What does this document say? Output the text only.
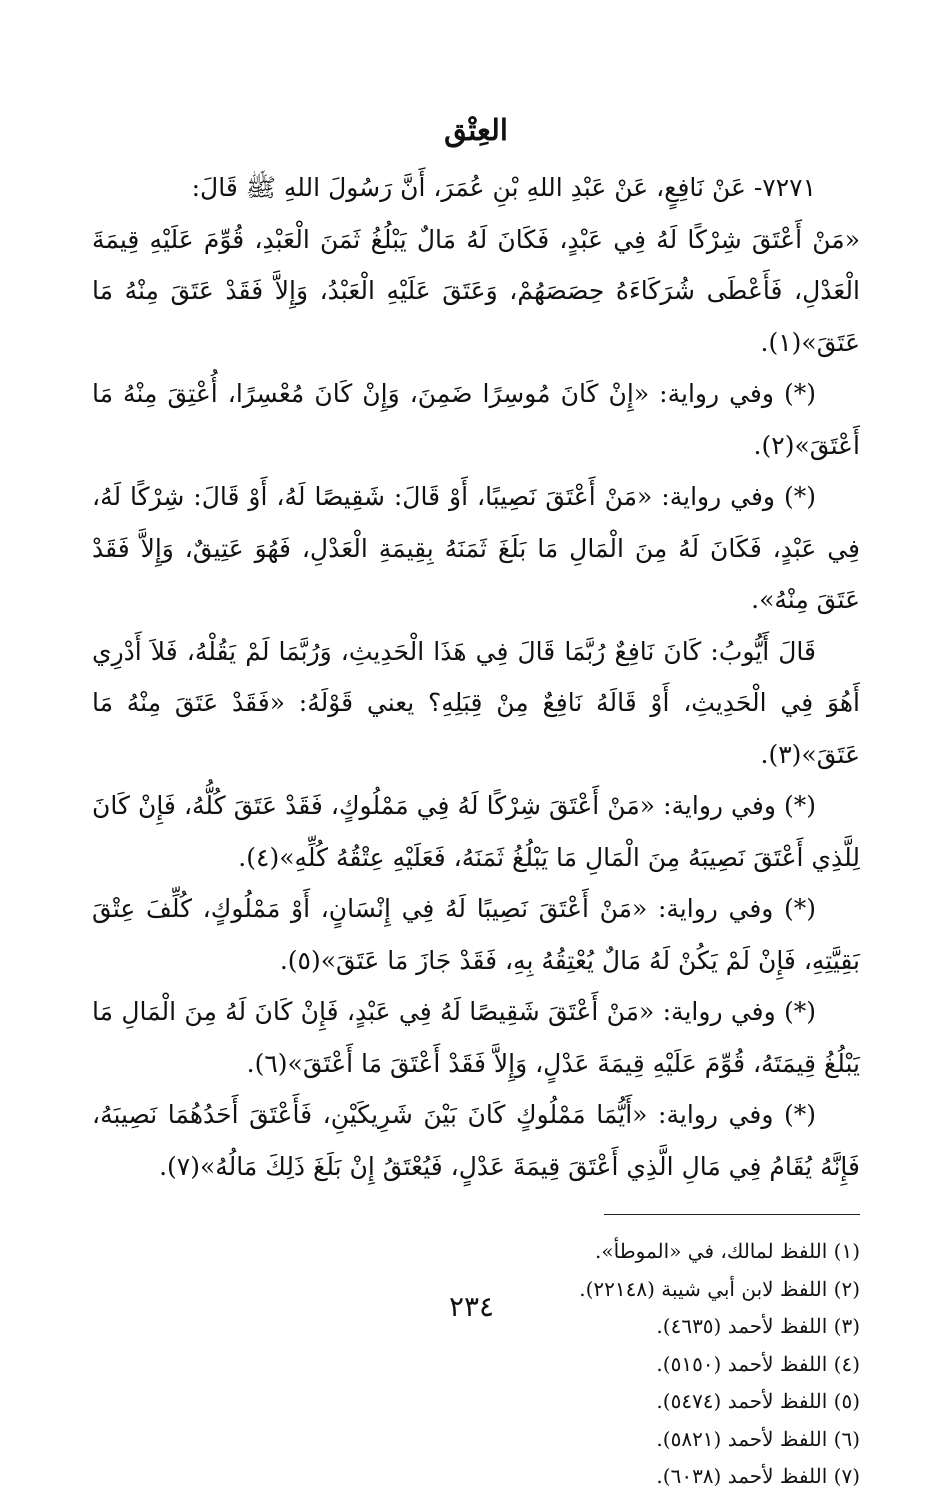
العِتْق

٧٢٧١- عَنْ نَافِعٍ، عَنْ عَبْدِ اللهِ بْنِ عُمَرَ، أَنَّ رَسُولَ اللهِ ﷺ قَالَ:

«مَنْ أَعْتَقَ شِرْكًا لَهُ فِي عَبْدٍ، فَكَانَ لَهُ مَالٌ يَبْلُغُ ثَمَنَ الْعَبْدِ، قُوِّمَ عَلَيْهِ قِيمَةَ الْعَدْلِ، فَأَعْطَى شُرَكَاءَهُ حِصَصَهُمْ، وَعَتَقَ عَلَيْهِ الْعَبْدُ، وَإِلاَّ فَقَدْ عَتَقَ مِنْهُ مَا عَتَقَ»(١).

(*) وفي رواية: «إِنْ كَانَ مُوسِرًا ضَمِنَ، وَإِنْ كَانَ مُعْسِرًا، أُعْتِقَ مِنْهُ مَا أَعْتَقَ»(٢).

(*) وفي رواية: «مَنْ أَعْتَقَ نَصِيبًا، أَوْ قَالَ: شَقِيصًا لَهُ، أَوْ قَالَ: شِرْكًا لَهُ، فِي عَبْدٍ، فَكَانَ لَهُ مِنَ الْمَالِ مَا بَلَغَ ثَمَنَهُ بِقِيمَةِ الْعَدْلِ، فَهُوَ عَتِيقٌ، وَإِلاَّ فَقَدْ عَتَقَ مِنْهُ».

قَالَ أَيُّوبُ: كَانَ نَافِعٌ رُبَّمَا قَالَ فِي هَذَا الْحَدِيثِ، وَرُبَّمَا لَمْ يَقُلْهُ، فَلاَ أَدْرِي أَهُوَ فِي الْحَدِيثِ، أَوْ قَالَهُ نَافِعٌ مِنْ قِبَلِهِ؟ يعني قَوْلَهُ: «فَقَدْ عَتَقَ مِنْهُ مَا عَتَقَ»(٣).

(*) وفي رواية: «مَنْ أَعْتَقَ شِرْكًا لَهُ فِي مَمْلُوكٍ، فَقَدْ عَتَقَ كُلُّهُ، فَإِنْ كَانَ لِلَّذِي أَعْتَقَ نَصِيبَهُ مِنَ الْمَالِ مَا يَبْلُغُ ثَمَنَهُ، فَعَلَيْهِ عِتْقُهُ كُلِّهِ»(٤).

(*) وفي رواية: «مَنْ أَعْتَقَ نَصِيبًا لَهُ فِي إِنْسَانٍ، أَوْ مَمْلُوكٍ، كُلِّفَ عِتْقَ بَقِيَّتِهِ، فَإِنْ لَمْ يَكُنْ لَهُ مَالٌ يُعْتِقُهُ بِهِ، فَقَدْ جَازَ مَا عَتَقَ»(٥).

(*) وفي رواية: «مَنْ أَعْتَقَ شَقِيصًا لَهُ فِي عَبْدٍ، فَإِنْ كَانَ لَهُ مِنَ الْمَالِ مَا يَبْلُغُ قِيمَتَهُ، قُوِّمَ عَلَيْهِ قِيمَةَ عَدْلٍ، وَإِلاَّ فَقَدْ أَعْتَقَ مَا أَعْتَقَ»(٦).

(*) وفي رواية: «أَيُّمَا مَمْلُوكٍ كَانَ بَيْنَ شَرِيكَيْنِ، فَأَعْتَقَ أَحَدُهُمَا نَصِيبَهُ، فَإِنَّهُ يُقَامُ فِي مَالِ الَّذِي أَعْتَقَ قِيمَةَ عَدْلٍ، فَيُعْتَقُ إِنْ بَلَغَ ذَلِكَ مَالُهُ»(٧).

(١) اللفظ لمالك، في «الموطأ».
(٢) اللفظ لابن أبي شيبة (٢٢١٤٨).
(٣) اللفظ لأحمد (٤٦٣٥).
(٤) اللفظ لأحمد (٥١٥٠).
(٥) اللفظ لأحمد (٥٤٧٤).
(٦) اللفظ لأحمد (٥٨٢١).
(٧) اللفظ لأحمد (٦٠٣٨).
٢٣٤
